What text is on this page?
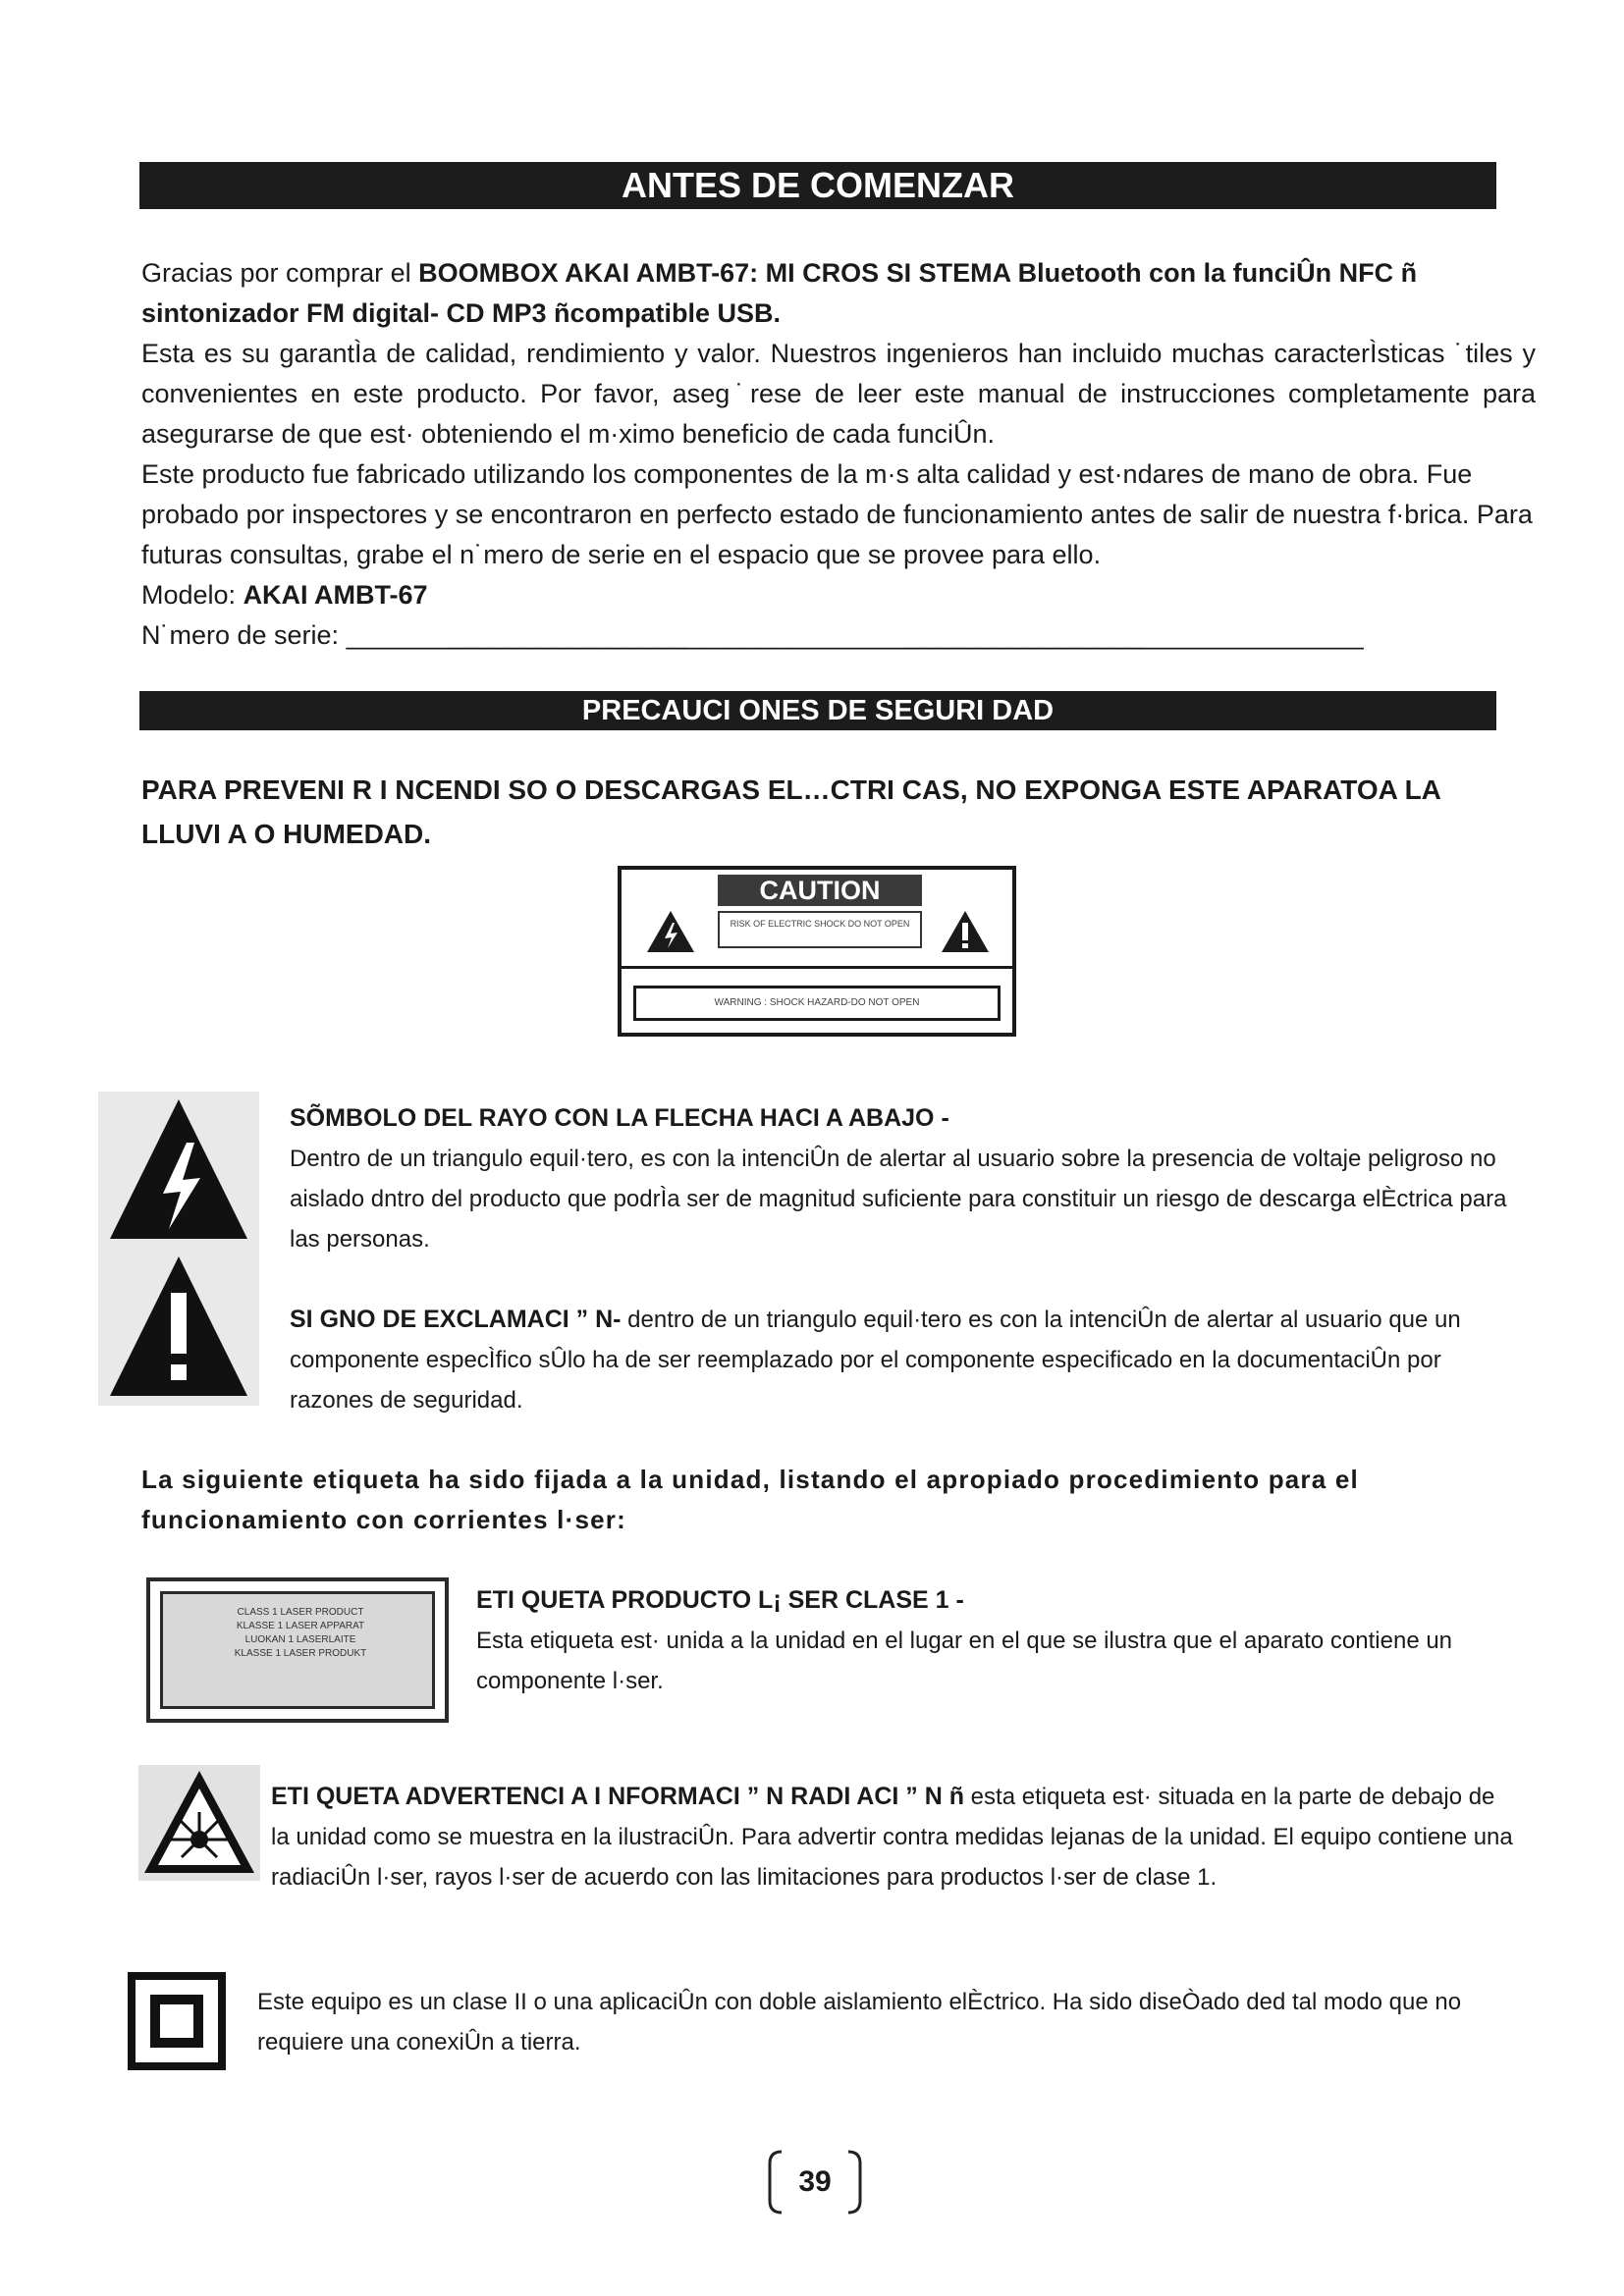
ANTES DE COMENZAR

Gracias por comprar el BOOMBOX AKAI AMBT-67: MI CROS SI STEMA Bluetooth con la funciÛn NFC ñ sintonizador FM digital- CD MP3 ñcompatible USB.

Esta es su garantÌa de calidad, rendimiento y valor. Nuestros ingenieros han incluido muchas caracterÌsticas ˙tiles y convenientes en este producto. Por favor, aseg˙rese de leer este manual de instrucciones completamente para asegurarse de que est· obteniendo el m·ximo beneficio de cada funciÛn.

Este producto fue fabricado utilizando los componentes de la m·s alta calidad y est·ndares de mano de obra. Fue probado por inspectores y se encontraron en perfecto estado de funcionamiento antes de salir de nuestra f·brica. Para futuras consultas, grabe el n˙mero de serie en el espacio que se provee para ello.

Modelo: AKAI AMBT-67

N˙mero de serie: _____________________________________________________________________

PRECAUCI ONES DE SEGURI DAD
PARA PREVENI R I NCENDI SO O DESCARGAS EL…CTRI CAS, NO EXPONGA ESTE APARATOA LA LLUVI A O HUMEDAD.
CAUTION
RISK OF ELECTRIC SHOCK DO NOT OPEN
WARNING : SHOCK HAZARD-DO NOT OPEN
SÕMBOLO DEL RAYO CON LA FLECHA HACI A ABAJO -
Dentro de un triangulo equil·tero, es con la intenciÛn de alertar al usuario sobre la presencia de voltaje peligroso no aislado dntro del producto que podrÌa ser de magnitud suficiente para constituir un riesgo de descarga elÈctrica para las personas.
SI GNO DE EXCLAMACI ” N- dentro de un triangulo equil·tero es con la intenciÛn de alertar al usuario que un componente especÌfico sÛlo ha de ser reemplazado por el componente especificado en la documentaciÛn por razones de seguridad.
La siguiente etiqueta ha sido fijada a la unidad, listando el apropiado procedimiento para el funcionamiento con corrientes l·ser:
CLASS 1 LASER PRODUCT
KLASSE 1 LASER APPARAT
LUOKAN 1 LASERLAITE
KLASSE 1 LASER PRODUKT
ETI QUETA PRODUCTO L¡ SER CLASE 1 -
Esta etiqueta est· unida a la unidad en el lugar en el que se ilustra que el aparato contiene un componente l·ser.
ETI QUETA ADVERTENCI A I NFORMACI ” N RADI ACI ” N ñ esta etiqueta est· situada en la parte de debajo de la unidad como se muestra en la ilustraciÛn. Para advertir contra medidas lejanas de la unidad. El equipo contiene una radiaciÛn l·ser, rayos l·ser de acuerdo con las limitaciones para productos l·ser de clase 1.
Este equipo es un clase II o una aplicaciÛn con doble aislamiento elÈctrico. Ha sido diseÒado ded tal modo que no requiere una conexiÛn a tierra.
39
